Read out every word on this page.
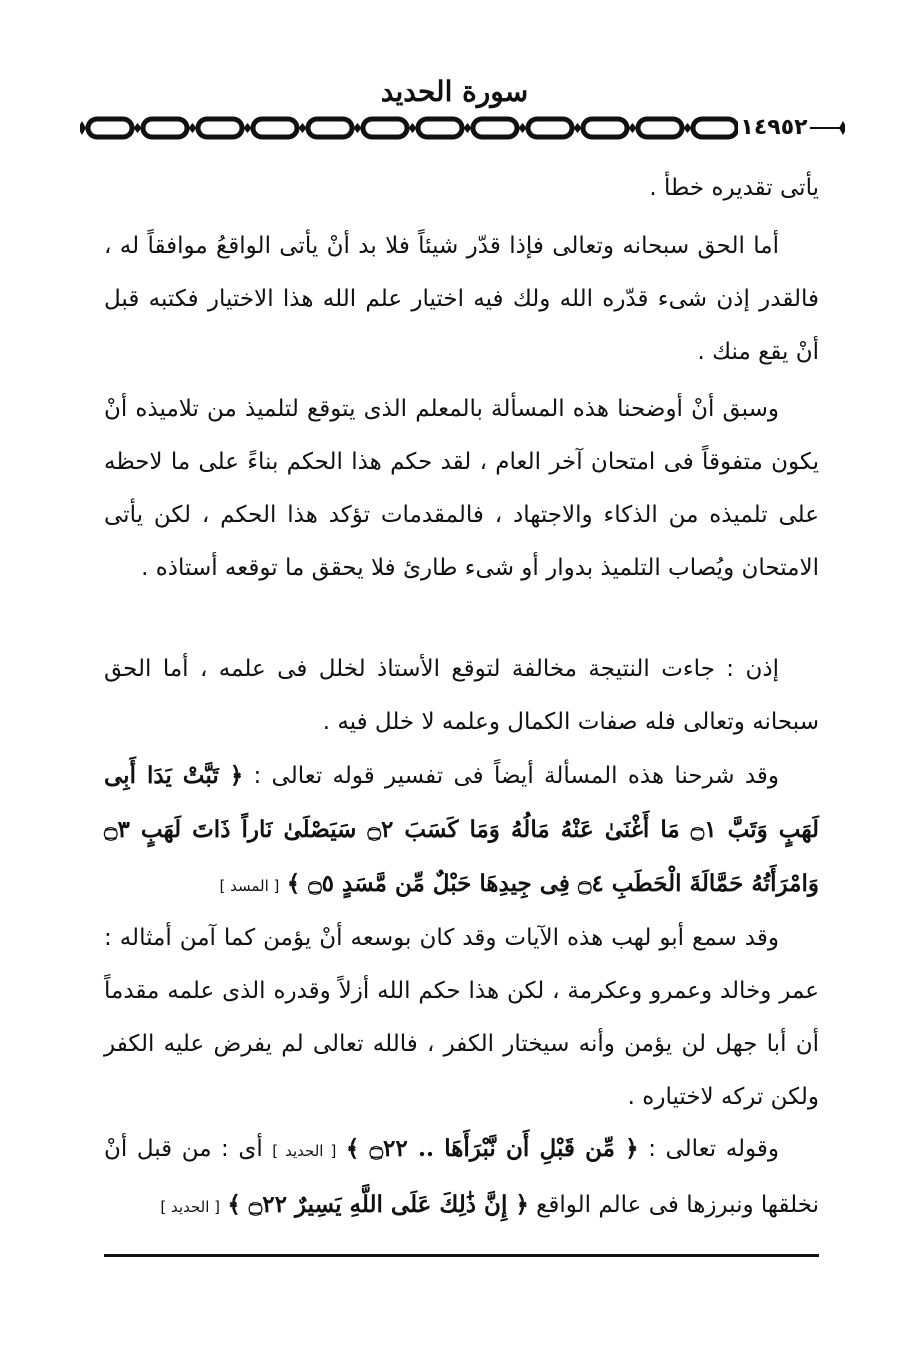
سورة الحديد
١٤٩٥٢
يأتى تقديره خطأ .
أما الحق سبحانه وتعالى فإذا قدّر شيئاً فلا بد أنْ يأتى الواقعُ موافقاً له ، فالقدر إذن شىء قدّره الله ولك فيه اختيار علم الله هذا الاختيار فكتبه قبل أنْ يقع منك .
وسبق أنْ أوضحنا هذه المسألة بالمعلم الذى يتوقع لتلميذ من تلاميذه أنْ يكون متفوقاً فى امتحان آخر العام ، لقد حكم هذا الحكم بناءً على ما لاحظه على تلميذه من الذكاء والاجتهاد ، فالمقدمات تؤكد هذا الحكم ، لكن يأتى الامتحان ويُصاب التلميذ بدوار أو شىء طارئ فلا يحقق ما توقعه أستاذه .
إذن : جاءت النتيجة مخالفة لتوقع الأستاذ لخلل فى علمه ، أما الحق سبحانه وتعالى فله صفات الكمال وعلمه لا خلل فيه .
وقد شرحنا هذه المسألة أيضاً فى تفسير قوله تعالى : ﴿ تَبَّتْ يَدَا أَبِى لَهَبٍ وَتَبَّ ۝١ مَا أَغْنَىٰ عَنْهُ مَالُهُ وَمَا كَسَبَ ۝٢ سَيَصْلَىٰ نَاراً ذَاتَ لَهَبٍ ۝٣ وَامْرَأَتُهُ حَمَّالَةَ الْحَطَبِ ۝٤ فِى جِيدِهَا حَبْلٌ مِّن مَّسَدٍ ۝٥ ﴾ [ المسد ]
وقد سمع أبو لهب هذه الآيات وقد كان بوسعه أنْ يؤمن كما آمن أمثاله : عمر وخالد وعمرو وعكرمة ، لكن هذا حكم الله أزلاً وقدره الذى علمه مقدماً أن أبا جهل لن يؤمن وأنه سيختار الكفر ، فالله تعالى لم يفرض عليه الكفر ولكن تركه لاختياره .
وقوله تعالى : ﴿ مِّن قَبْلِ أَن نَّبْرَأَهَا .. ۝٢٢ ﴾ [ الحديد ] أى : من قبل أنْ نخلقها ونبرزها فى عالم الواقع ﴿ إِنَّ ذَٰلِكَ عَلَى اللَّهِ يَسِيرٌ ۝٢٢ ﴾ [ الحديد ]
